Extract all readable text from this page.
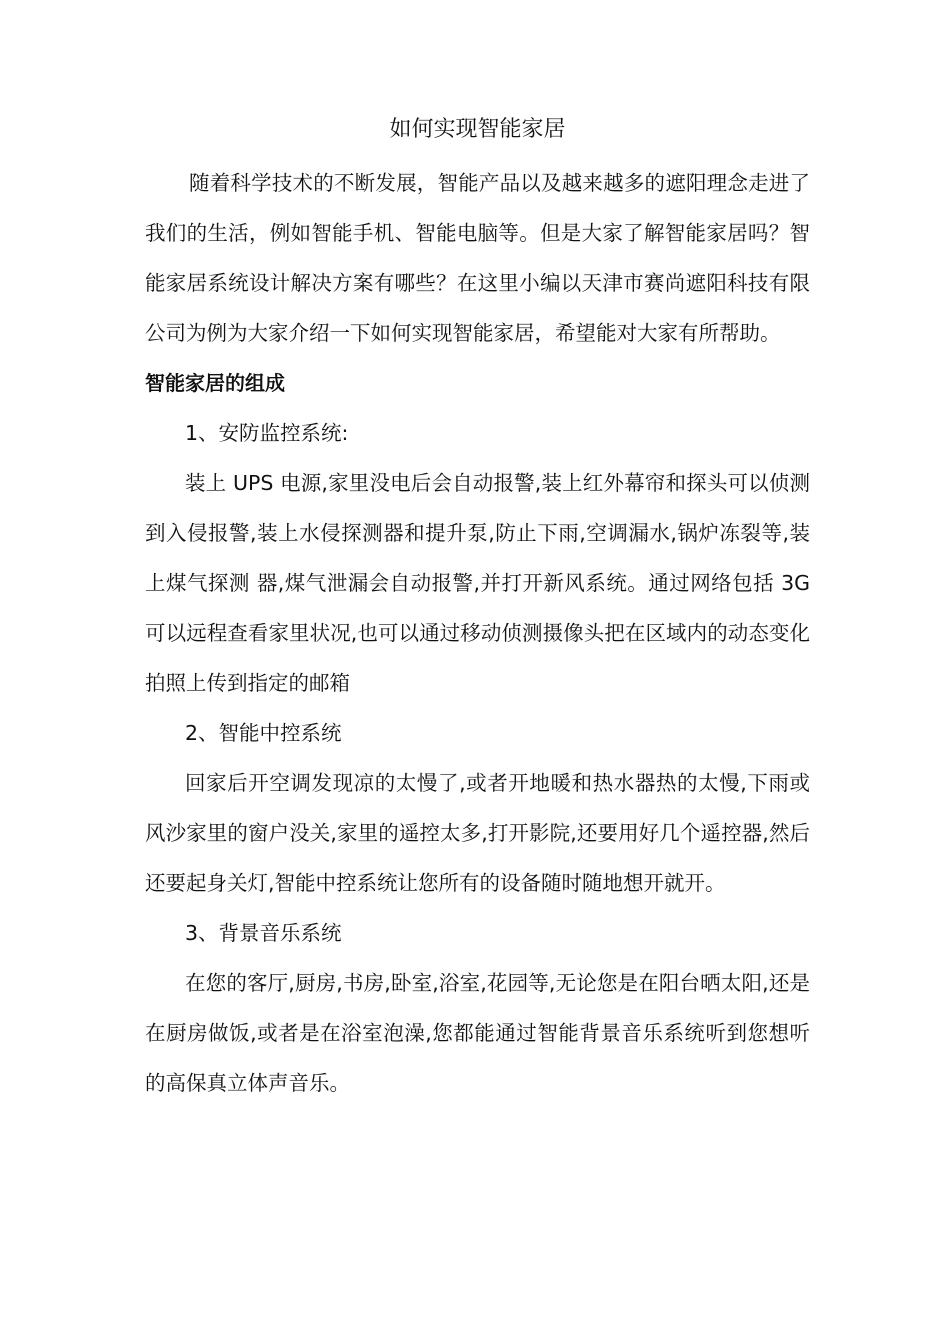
如何实现智能家居

随着科学技术的不断发展，智能产品以及越来越多的遮阳理念走进了我们的生活，例如智能手机、智能电脑等。但是大家了解智能家居吗？智能家居系统设计解决方案有哪些？在这里小编以天津市赛尚遮阳科技有限公司为例为大家介绍一下如何实现智能家居，希望能对大家有所帮助。

智能家居的组成

1、安防监控系统:

装上 UPS 电源,家里没电后会自动报警,装上红外幕帘和探头可以侦测到入侵报警,装上水侵探测器和提升泵,防止下雨,空调漏水,锅炉冻裂等,装上煤气探测 器,煤气泄漏会自动报警,并打开新风系统。通过网络包括 3G 可以远程查看家里状况,也可以通过移动侦测摄像头把在区域内的动态变化拍照上传到指定的邮箱

2、智能中控系统

回家后开空调发现凉的太慢了,或者开地暖和热水器热的太慢,下雨或风沙家里的窗户没关,家里的遥控太多,打开影院,还要用好几个遥控器,然后还要起身关灯,智能中控系统让您所有的设备随时随地想开就开。

3、背景音乐系统

在您的客厅,厨房,书房,卧室,浴室,花园等,无论您是在阳台晒太阳,还是在厨房做饭,或者是在浴室泡澡,您都能通过智能背景音乐系统听到您想听的高保真立体声音乐。
